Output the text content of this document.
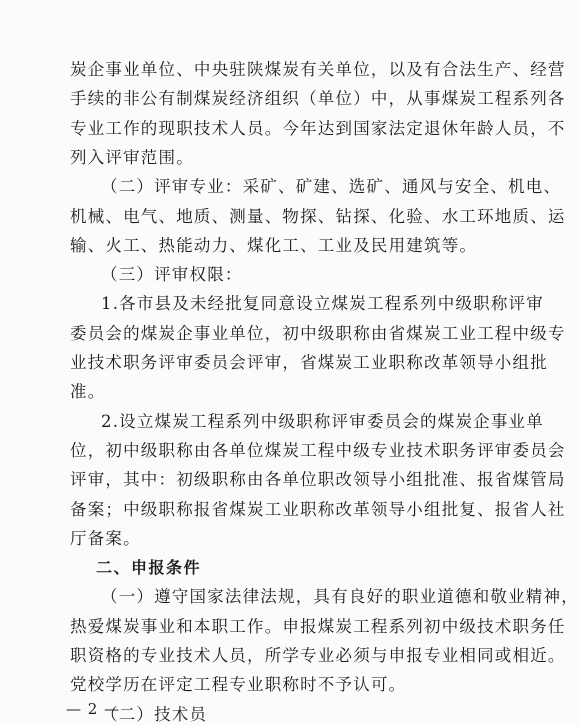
炭企事业单位、中央驻陕煤炭有关单位，以及有合法生产、经营
手续的非公有制煤炭经济组织（单位）中，从事煤炭工程系列各
专业工作的现职技术人员。今年达到国家法定退休年龄人员，不
列入评审范围。
（二）评审专业：采矿、矿建、选矿、通风与安全、机电、
机械、电气、地质、测量、物探、钻探、化验、水工环地质、运
输、火工、热能动力、煤化工、工业及民用建筑等。
（三）评审权限：
1.各市县及未经批复同意设立煤炭工程系列中级职称评审
委员会的煤炭企事业单位，初中级职称由省煤炭工业工程中级专
业技术职务评审委员会评审，省煤炭工业职称改革领导小组批
准。
2.设立煤炭工程系列中级职称评审委员会的煤炭企事业单
位，初中级职称由各单位煤炭工程中级专业技术职务评审委员会
评审，其中：初级职称由各单位职改领导小组批准、报省煤管局
备案；中级职称报省煤炭工业职称改革领导小组批复、报省人社
厅备案。
二、申报条件
（一）遵守国家法律法规，具有良好的职业道德和敬业精神，
热爱煤炭事业和本职工作。申报煤炭工程系列初中级技术职务任
职资格的专业技术人员，所学专业必须与申报专业相同或相近。
党校学历在评定工程专业职称时不予认可。
（二）技术员
— 2 —
